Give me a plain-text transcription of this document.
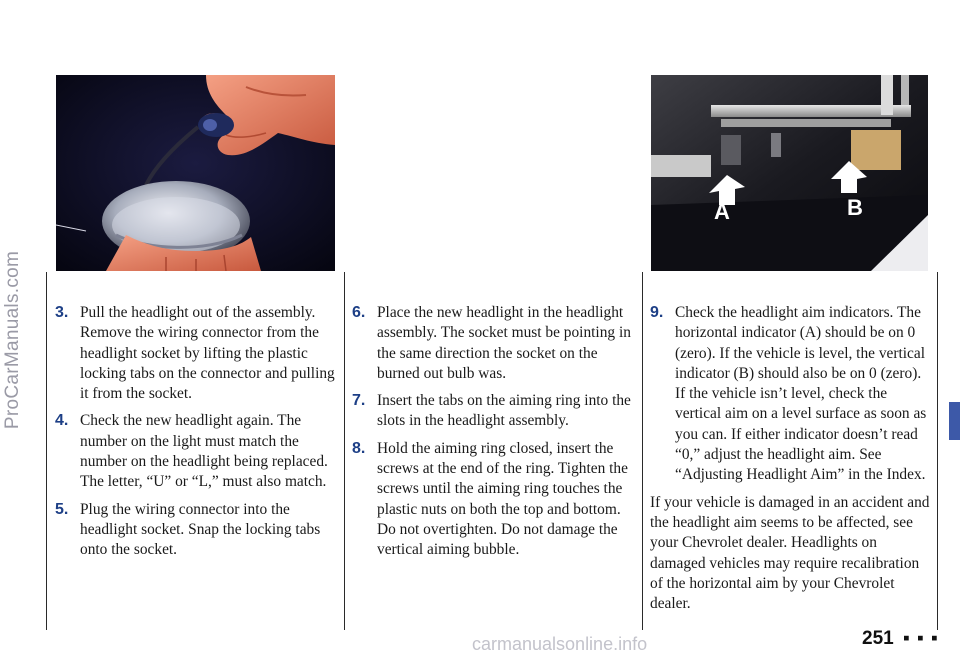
ProCarManuals.com
carmanualsonline.info
A	B
3. Pull the headlight out of the assembly. Remove the wiring connector from the headlight socket by lifting the plastic locking tabs on the connector and pulling it from the socket.
4. Check the new headlight again. The number on the light must match the number on the headlight being replaced. The letter, “U” or “L,” must also match.
5. Plug the wiring connector into the headlight socket. Snap the locking tabs onto the socket.
6. Place the new headlight in the headlight assembly. The socket must be pointing in the same direction the socket on the burned out bulb was.
7. Insert the tabs on the aiming ring into the slots in the headlight assembly.
8. Hold the aiming ring closed, insert the screws at the end of the ring. Tighten the screws until the aiming ring touches the plastic nuts on both the top and bottom. Do not overtighten. Do not damage the vertical aiming bubble.
9. Check the headlight aim indicators. The horizontal indicator (A) should be on 0 (zero). If the vehicle is level, the vertical indicator (B) should also be on 0 (zero). If the vehicle isn’t level, check the vertical aim on a level surface as soon as you can. If either indicator doesn’t read “0,” adjust the headlight aim. See “Adjusting Headlight Aim” in the Index.
If your vehicle is damaged in an accident and the headlight aim seems to be affected, see your Chevrolet dealer. Headlights on damaged vehicles may require recalibration of the horizontal aim by your Chevrolet dealer.
251 ▪ ▪ ▪
